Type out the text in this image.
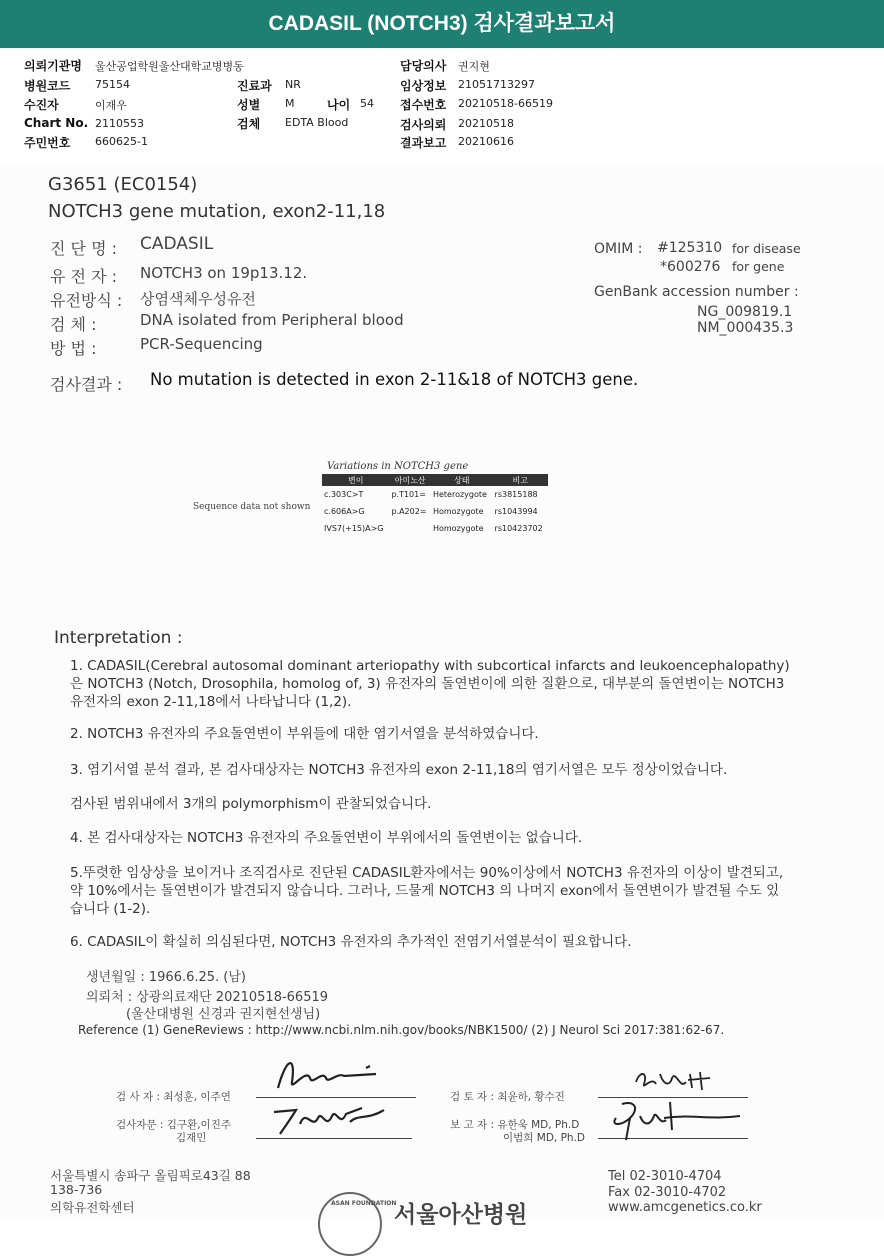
CADASIL (NOTCH3) 검사결과보고서
의뢰기관명 울산공업학원울산대학교병병동
병원코드 75154
수진자	이재우
Chart No. 2110553
주민번호 660625-1
진료과 NR
성별 M	나이 54
검체 EDTA Blood
담당의사 권지현
임상정보 21051713297
접수번호 20210518-66519
검사의뢰 20210518
결과보고 20210616
G3651 (EC0154)
NOTCH3 gene mutation, exon2-11,18
진 단 명 : CADASIL
유 전 자 : NOTCH3 on 19p13.12.
유전방식 : 상염색체우성유전
검 체 :	DNA isolated from Peripheral blood
방 법 :	PCR-Sequencing
OMIM : #125310 for disease
*600276 for gene
GenBank accession number :
NG_009819.1
NM_000435.3
검사결과 : No mutation is detected in exon 2-11&18 of NOTCH3 gene.
Sequence data not shown
Variations in NOTCH3 gene
변이	아미노산	상태	비고
c.303C>T	p.T101=	Heterozygote	rs3815188
c.606A>G	p.A202=	Homozygote	rs1043994
IVS7(+15)A>G		Homozygote	rs10423702
Interpretation :
1. CADASIL(Cerebral autosomal dominant arteriopathy with subcortical infarcts and leukoencephalopathy)은 NOTCH3 (Notch, Drosophila, homolog of, 3) 유전자의 돌연변이에 의한 질환으로, 대부분의 돌연변이는 NOTCH3 유전자의 exon 2-11,18에서 나타납니다 (1,2).
2. NOTCH3 유전자의 주요돌연변이 부위들에 대한 염기서열을 분석하였습니다.
3. 염기서열 분석 결과, 본 검사대상자는 NOTCH3 유전자의 exon 2-11,18의 염기서열은 모두 정상이었습니다.
검사된 범위내에서 3개의 polymorphism이 관찰되었습니다.
4. 본 검사대상자는 NOTCH3 유전자의 주요돌연변이 부위에서의 돌연변이는 없습니다.
5.뚜렷한 임상상을 보이거나 조직검사로 진단된 CADASIL환자에서는 90%이상에서 NOTCH3 유전자의 이상이 발견되고, 약 10%에서는 돌연변이가 발견되지 않습니다. 그러나, 드물게 NOTCH3 의 나머지 exon에서 돌연변이가 발견될 수도 있습니다 (1-2).
6. CADASIL이 확실히 의심된다면, NOTCH3 유전자의 추가적인 전염기서열분석이 필요합니다.
생년월일 : 1966.6.25. (남)
의뢰처 : 상광의료재단 20210518-66519
(울산대병원 신경과 권지현선생님)
Reference (1) GeneReviews : http://www.ncbi.nlm.nih.gov/books/NBK1500/ (2) J Neurol Sci 2017:381:62-67.
검 사 자 : 최성훈, 이주연
검사자문 : 김구환,이진주
김재민
검 토 자 : 최윤하, 황수진
보 고 자 : 유한욱 MD, Ph.D
이범희 MD, Ph.D
서울특별시 송파구 올림픽로43길 88
138-736
의학유전학센터
Tel 02-3010-4704
Fax 02-3010-4702
www.amcgenetics.co.kr
ASAN FOUNDATION
서울아산병원
